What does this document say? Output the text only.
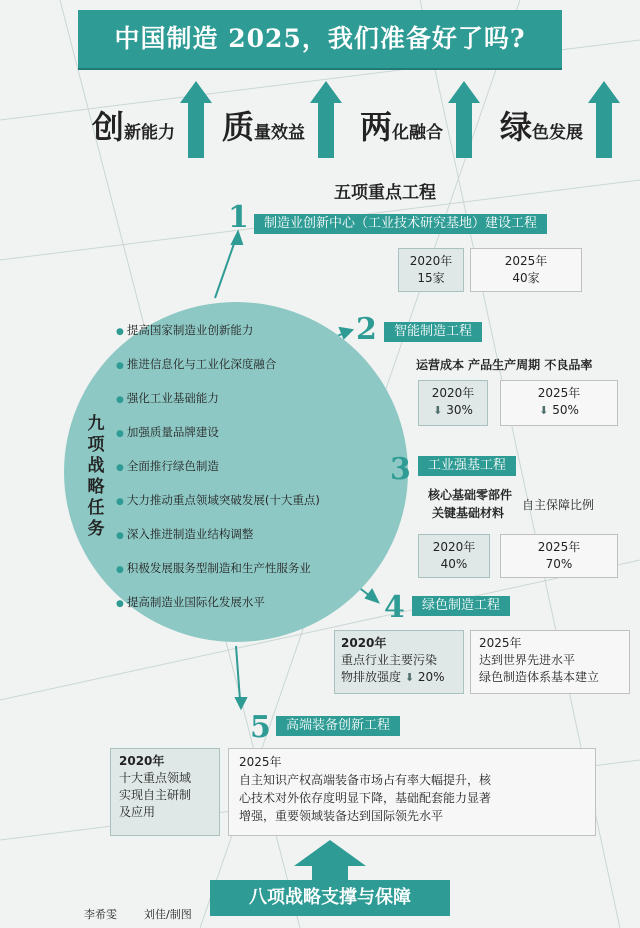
中国制造 2025，我们准备好了吗?
创新能力 质量效益 两化融合 绿色发展
五项重点工程
九项战略任务
● 提高国家制造业创新能力
● 推进信息化与工业化深度融合
● 强化工业基础能力
● 加强质量品牌建设
● 全面推行绿色制造
● 大力推动重点领域突破发展(十大重点)
● 深入推进制造业结构调整
● 积极发展服务型制造和生产性服务业
● 提高制造业国际化发展水平
1	制造业创新中心（工业技术研究基地）建设工程
2020年
15家
2025年
40家
2	智能制造工程
运营成本 产品生产周期 不良品率
2020年
⬇ 30%
2025年
⬇ 50%
3	工业强基工程
核心基础零部件
关键基础材料
自主保障比例
2020年
40%
2025年
70%
4	绿色制造工程
2020年
重点行业主要污染
物排放强度 ⬇ 20%
2025年
达到世界先进水平
绿色制造体系基本建立
5	高端装备创新工程
2020年
十大重点领域
实现自主研制
及应用
2025年
自主知识产权高端装备市场占有率大幅提升，核
心技术对外依存度明显下降，基础配套能力显著
增强，重要领域装备达到国际领先水平
八项战略支撑与保障
李希雯 刘佳/制图
